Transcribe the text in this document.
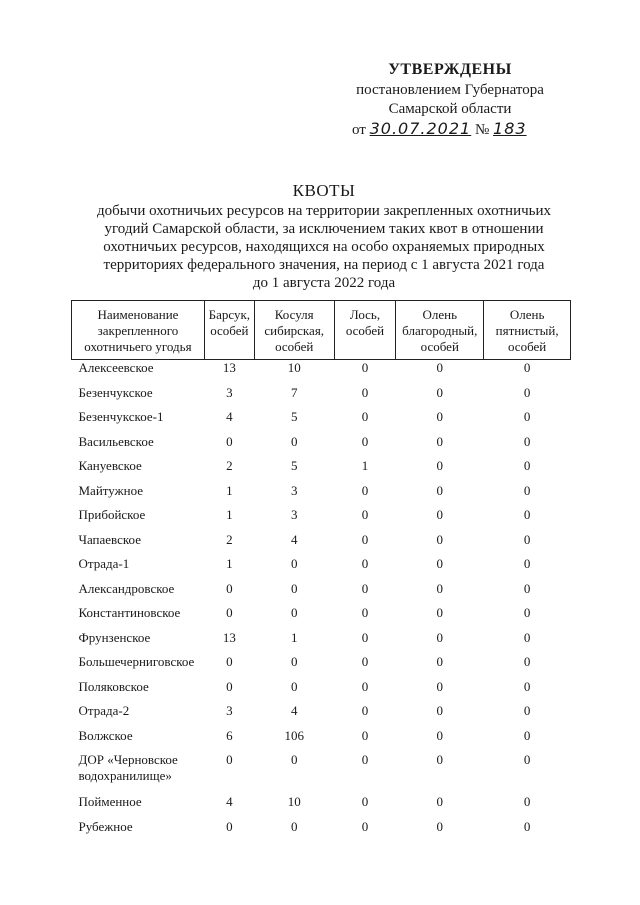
УТВЕРЖДЕНЫ
постановлением Губернатора
Самарской области
от 30.07.2021 № 183
КВОТЫ
добычи охотничьих ресурсов на территории закрепленных охотничьих
угодий Самарской области, за исключением таких квот в отношении
охотничьих ресурсов, находящихся на особо охраняемых природных
территориях федерального значения, на период с 1 августа 2021 года
до 1 августа 2022 года
Наименование закрепленного охотничьего угодья	Барсук, особей	Косуля сибирская, особей	Лось, особей	Олень благородный, особей	Олень пятнистый, особей
Алексеевское	13	10	0	0	0
Безенчукское	3	7	0	0	0
Безенчукское-1	4	5	0	0	0
Васильевское	0	0	0	0	0
Кануевское	2	5	1	0	0
Майтужное	1	3	0	0	0
Прибойское	1	3	0	0	0
Чапаевское	2	4	0	0	0
Отрада-1	1	0	0	0	0
Александровское	0	0	0	0	0
Константиновское	0	0	0	0	0
Фрунзенское	13	1	0	0	0
Большечерниговское	0	0	0	0	0
Поляковское	0	0	0	0	0
Отрада-2	3	4	0	0	0
Волжское	6	106	0	0	0
ДОР «Черновское водохранилище»	0	0	0	0	0
Пойменное	4	10	0	0	0
Рубежное	0	0	0	0	0
